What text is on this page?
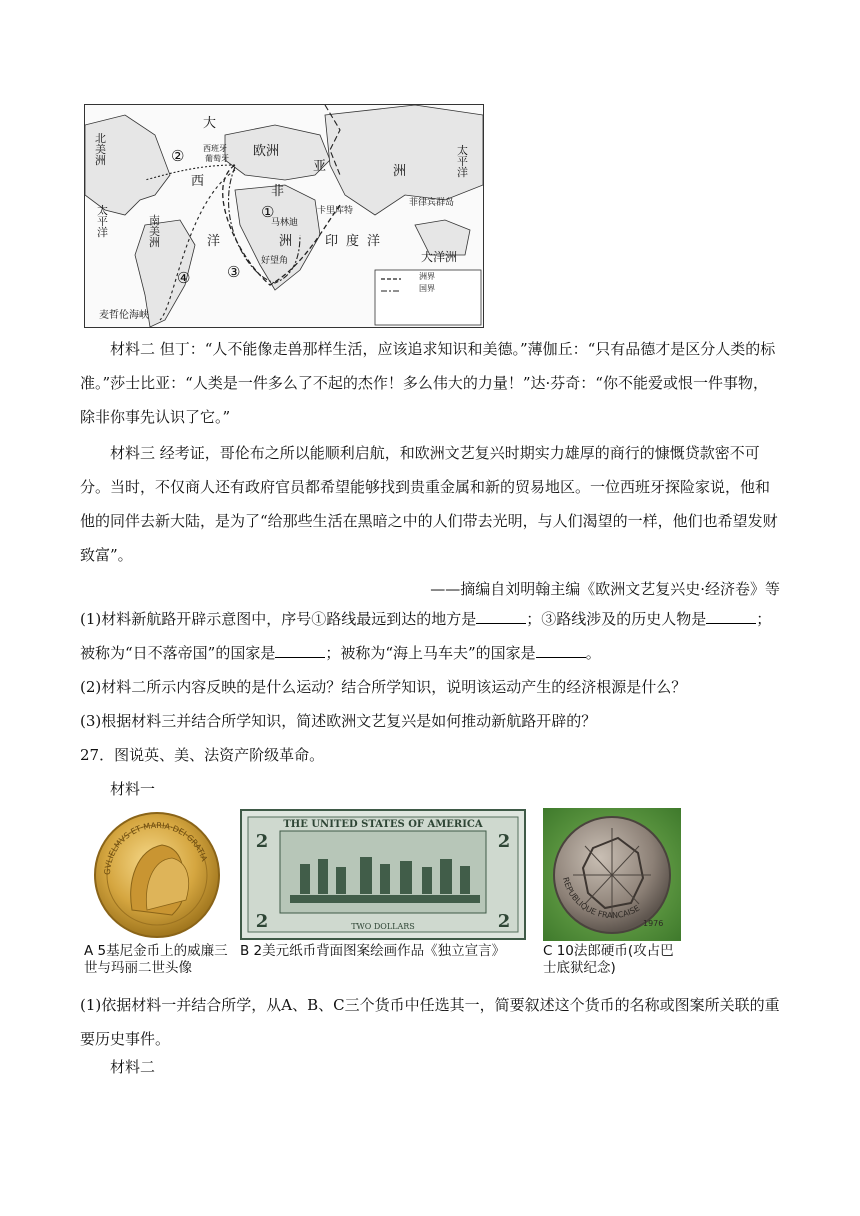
北美洲
大
西
洋
欧洲
亚	洲
非
洲
南美洲
太平洋
太平洋
印度洋
大洋洲
西班牙
葡萄牙
马林迪
卡里库特
菲律宾群岛
好望角
麦哲伦海峡
洲界
国界
①
②
③
④
材料二 但丁：“人不能像走兽那样生活，应该追求知识和美德。”薄伽丘：“只有品德才是区分人类的标准。”莎士比亚：“人类是一件多么了不起的杰作！多么伟大的力量！”达·芬奇：“你不能爱或恨一件事物，除非你事先认识了它。”
材料三 经考证，哥伦布之所以能顺利启航，和欧洲文艺复兴时期实力雄厚的商行的慷慨贷款密不可分。当时，不仅商人还有政府官员都希望能够找到贵重金属和新的贸易地区。一位西班牙探险家说，他和他的同伴去新大陆，是为了“给那些生活在黑暗之中的人们带去光明，与人们渴望的一样，他们也希望发财致富”。
——摘编自刘明翰主编《欧洲文艺复兴史·经济卷》等
(1)材料新航路开辟示意图中，序号①路线最远到达的地方是	；③路线涉及的历史人物是	；被称为“日不落帝国”的国家是	；被称为“海上马车夫”的国家是	。
(2)材料二所示内容反映的是什么运动？结合所学知识，说明该运动产生的经济根源是什么？
(3)根据材料三并结合所学知识，简述欧洲文艺复兴是如何推动新航路开辟的？
27．图说英、美、法资产阶级革命。
材料一
GVLIELMVS·ET·MARIA·DEI·GRATIA
THE UNITED STATES OF AMERICA
TWO DOLLARS
2	2
2	2
REPUBLIQUE FRANCAISE
1976
A 5基尼金币上的威廉三世与玛丽二世头像
B 2美元纸币背面图案绘画作品《独立宣言》	C 10法郎硬币(攻占巴士底狱纪念)
(1)依据材料一并结合所学，从A、B、C三个货币中任选其一，简要叙述这个货币的名称或图案所关联的重要历史事件。
材料二
